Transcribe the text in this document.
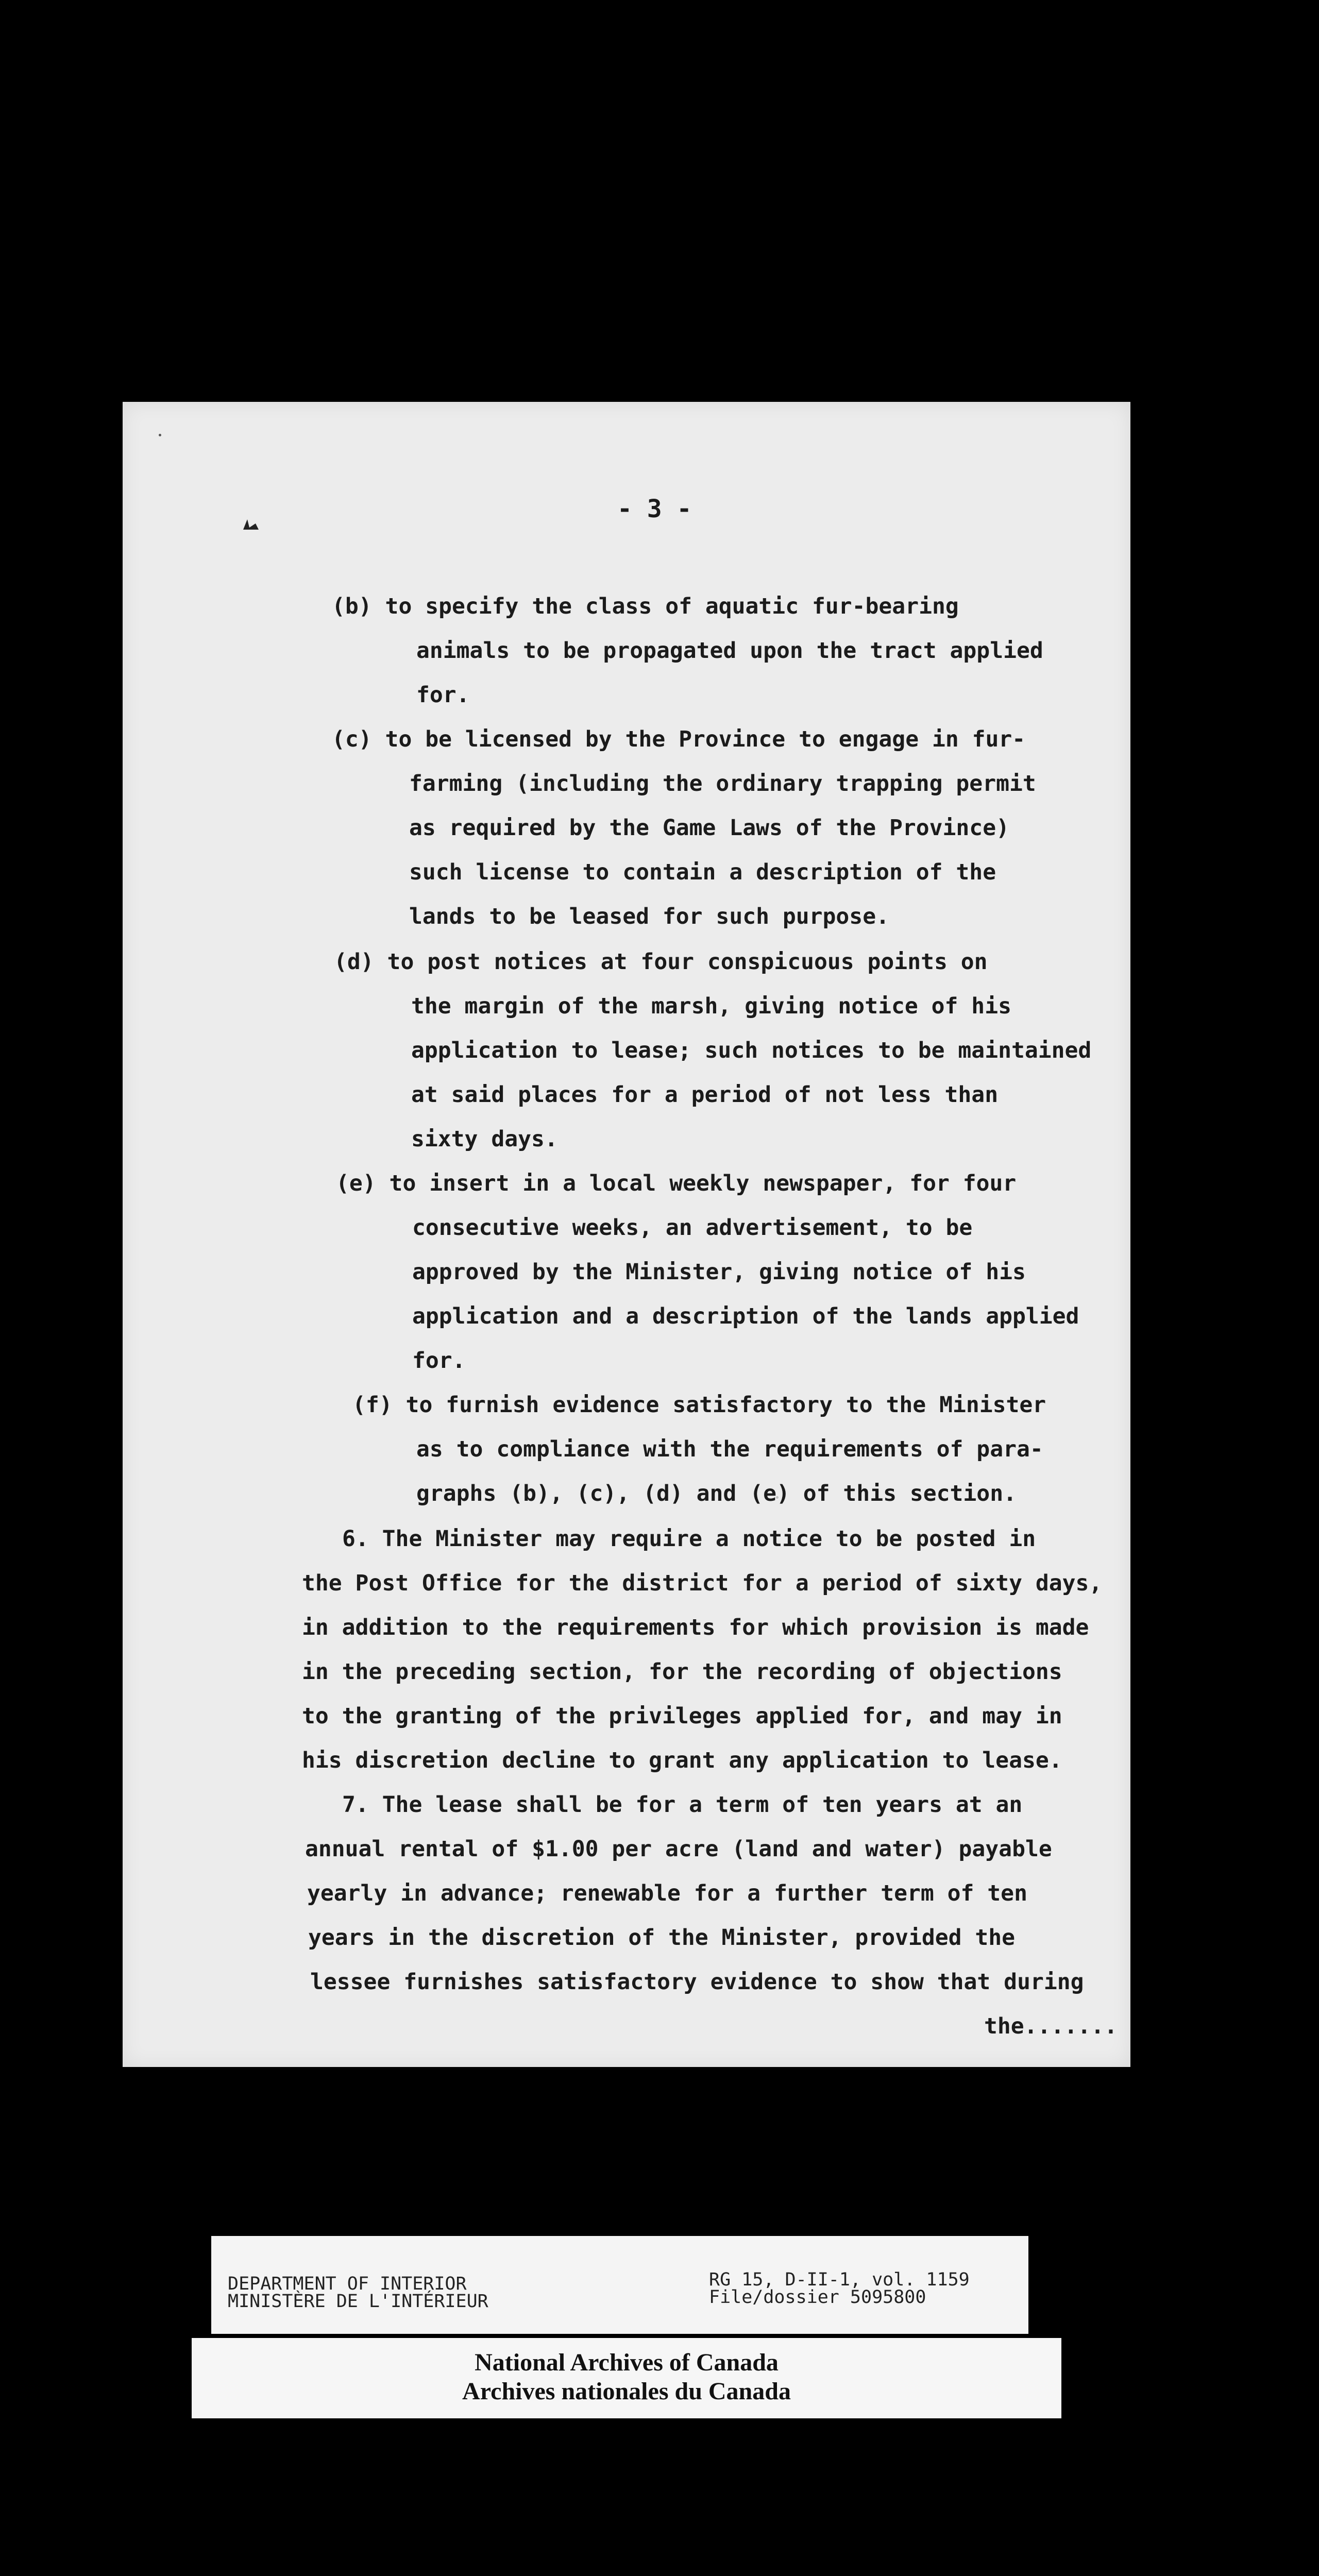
- 3 -
(b) to specify the class of aquatic fur-bearing
animals to be propagated upon the tract applied
for.
(c) to be licensed by the Province to engage in fur-
farming (including the ordinary trapping permit
as required by the Game Laws of the Province)
such license to contain a description of the
lands to be leased for such purpose.
(d) to post notices at four conspicuous points on
the margin of the marsh, giving notice of his
application to lease; such notices to be maintained
at said places for a period of not less than
sixty days.
(e) to insert in a local weekly newspaper, for four
consecutive weeks, an advertisement, to be
approved by the Minister, giving notice of his
application and a description of the lands applied
for.
(f) to furnish evidence satisfactory to the Minister
as to compliance with the requirements of para-
graphs (b), (c), (d) and (e) of this section.
6. The Minister may require a notice to be posted in
the Post Office for the district for a period of sixty days,
in addition to the requirements for which provision is made
in the preceding section, for the recording of objections
to the granting of the privileges applied for, and may in
his discretion decline to grant any application to lease.
7. The lease shall be for a term of ten years at an
annual rental of $1.00 per acre (land and water) payable
yearly in advance; renewable for a further term of ten
years in the discretion of the Minister, provided the
lessee furnishes satisfactory evidence to show that during
the.......
DEPARTMENT OF INTERIOR
MINISTÈRE DE L'INTÉRIEUR
RG 15, D-II-1, vol. 1159
File/dossier 5095800
National Archives of Canada
Archives nationales du Canada
